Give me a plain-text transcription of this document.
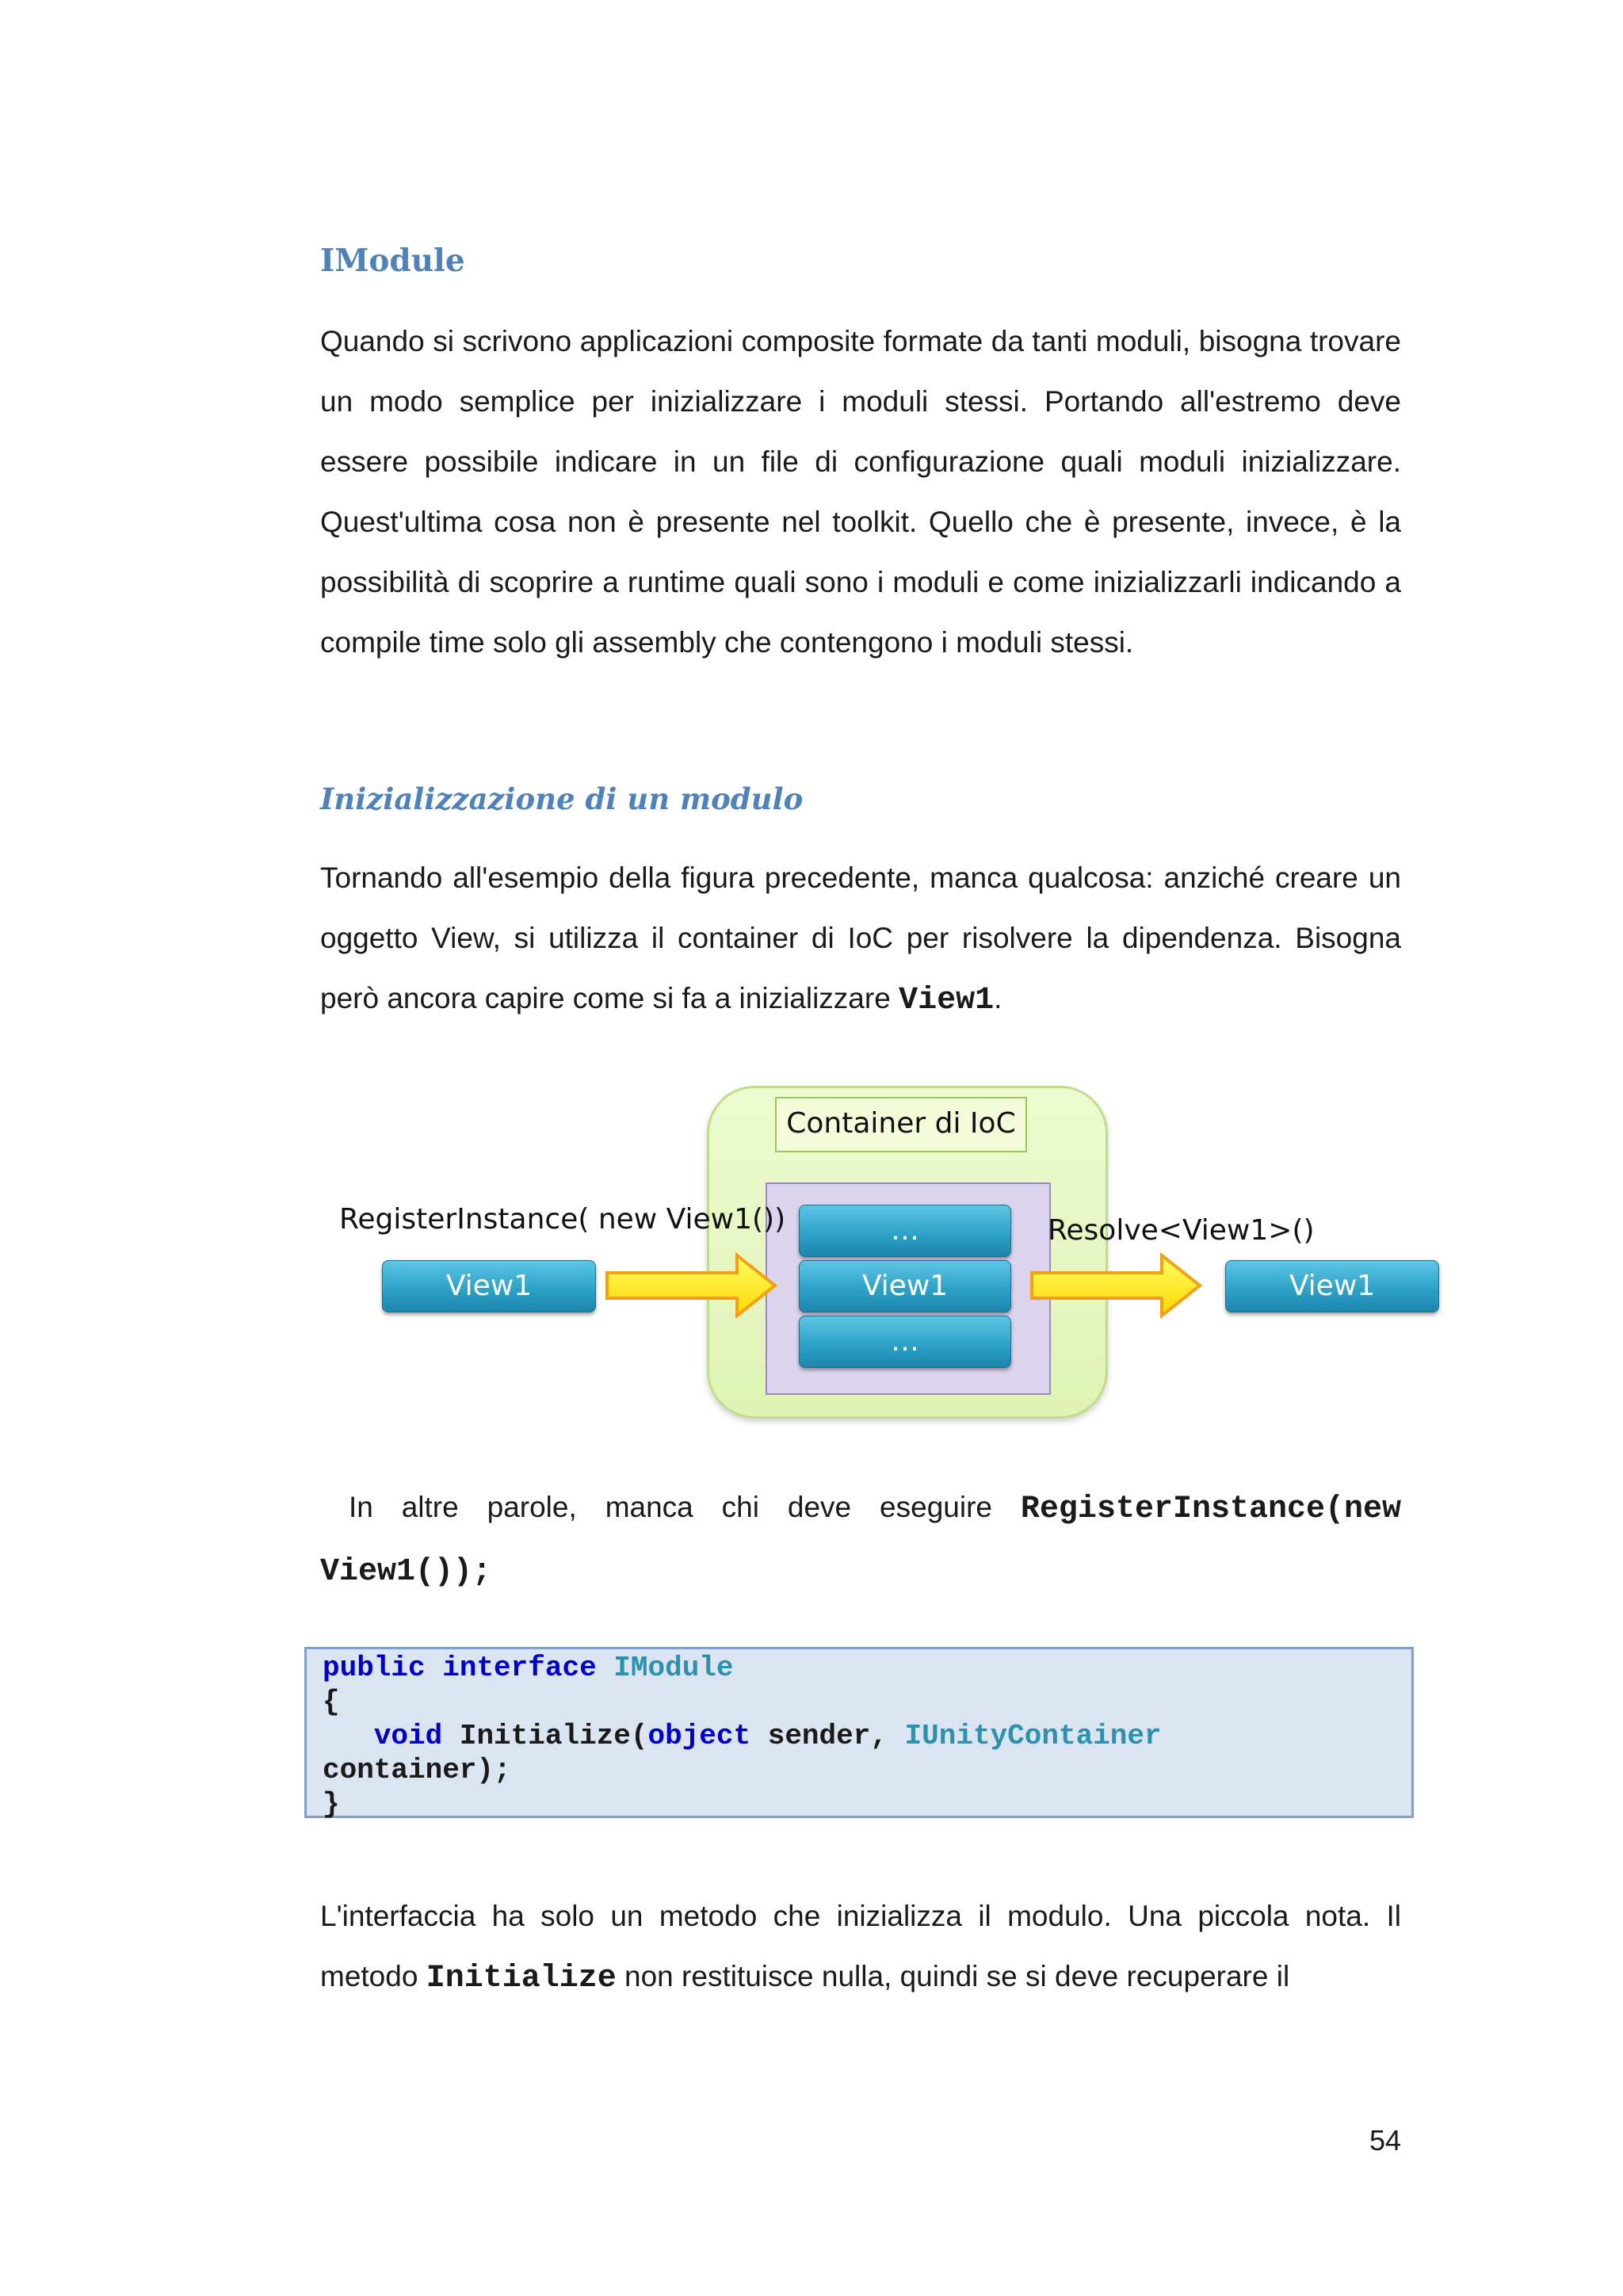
IModule

Quando si scrivono applicazioni composite formate da tanti moduli, bisogna trovare un modo semplice per inizializzare i moduli stessi. Portando all'estremo deve essere possibile indicare in un file di configurazione quali moduli inizializzare. Quest'ultima cosa non è presente nel toolkit. Quello che è presente, invece, è la possibilità di scoprire a runtime quali sono i moduli e come inizializzarli indicando a compile time solo gli assembly che contengono i moduli stessi.

Inizializzazione di un modulo

Tornando all'esempio della figura precedente, manca qualcosa: anziché creare un oggetto View, si utilizza il container di IoC per risolvere la dipendenza. Bisogna però ancora capire come si fa a inizializzare View1.

Container di IoC
…
View1
…
RegisterInstance( new View1())	Resolve<View1>()
View1	View1

In altre parole, manca chi deve eseguire RegisterInstance(new View1());

public interface IModule
{
void Initialize(object sender, IUnityContainer
container);
}

L'interfaccia ha solo un metodo che inizializza il modulo. Una piccola nota. Il metodo Initialize non restituisce nulla, quindi se si deve recuperare il

54
